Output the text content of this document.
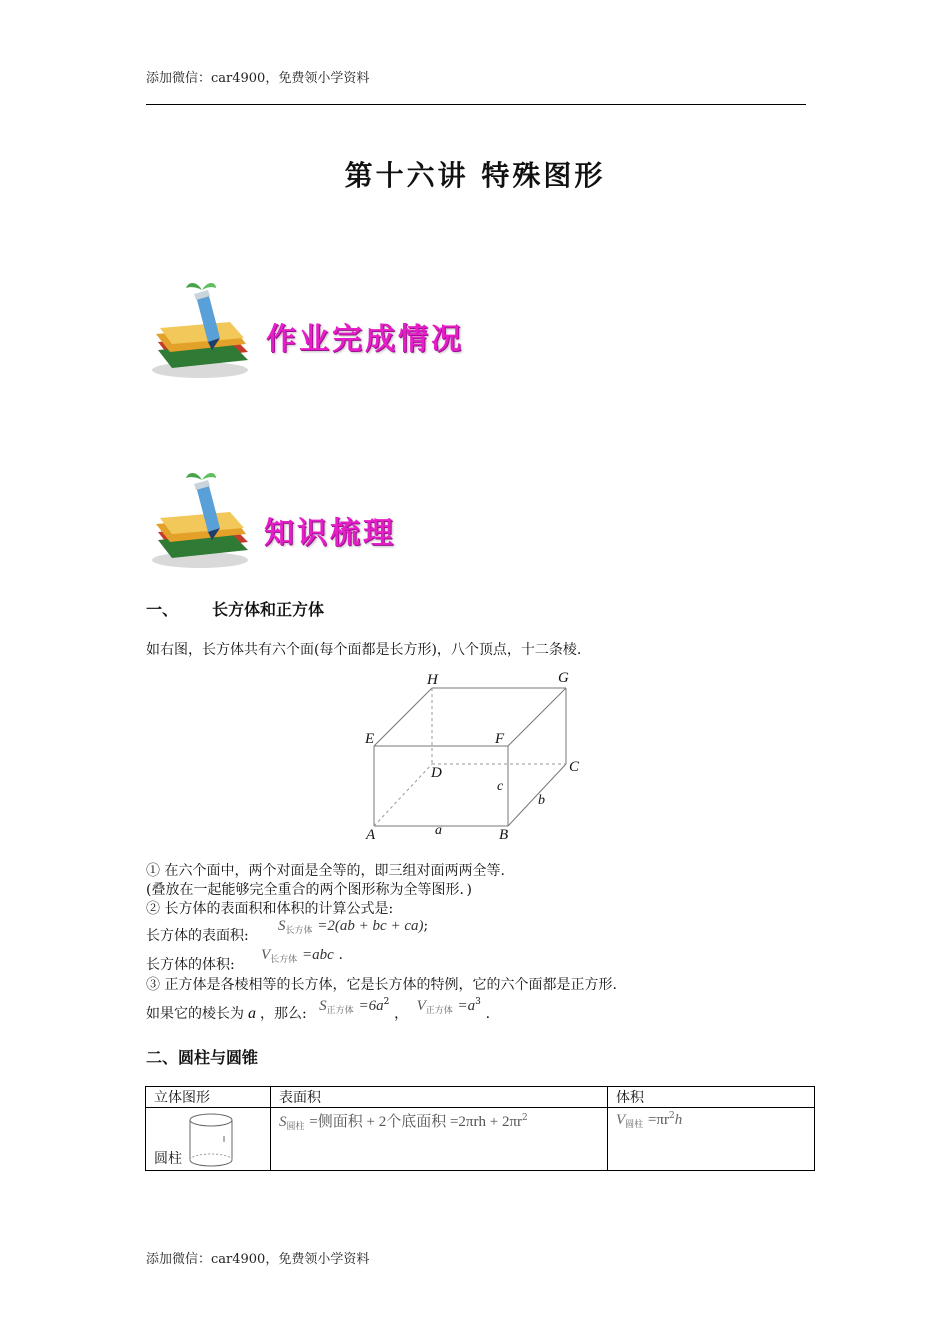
添加微信：car4900，免费领小学资料
第十六讲 特殊图形
作业完成情况
知识梳理
一、 长方体和正方体
如右图，长方体共有六个面(每个面都是长方形)，八个顶点，十二条棱.
H	G
E	F
D	C
A	B
c
b
a
① 在六个面中，两个对面是全等的，即三组对面两两全等.
(叠放在一起能够完全重合的两个图形称为全等图形．)
② 长方体的表面积和体积的计算公式是:
长方体的表面积:
$S_{长方体} =2(ab$ + bc + ca);
长方体的体积:
$V_{长方体} =abc$ .
③ 正方体是各棱相等的长方体，它是长方体的特例，它的六个面都是正方形.
如果它的棱长为 a ，那么: $S_{正方体} =6a^2$ ， $V_{正方体} =a^3$ .
二、圆柱与圆锥
立体图形	表面积	体积

圆柱	$S_{圆柱}$ =侧面积 + 2个底面积 $=2\pi rh + 2\pi r^2$	$V_{圆柱} =\pi r^2h$
添加微信：car4900，免费领小学资料
